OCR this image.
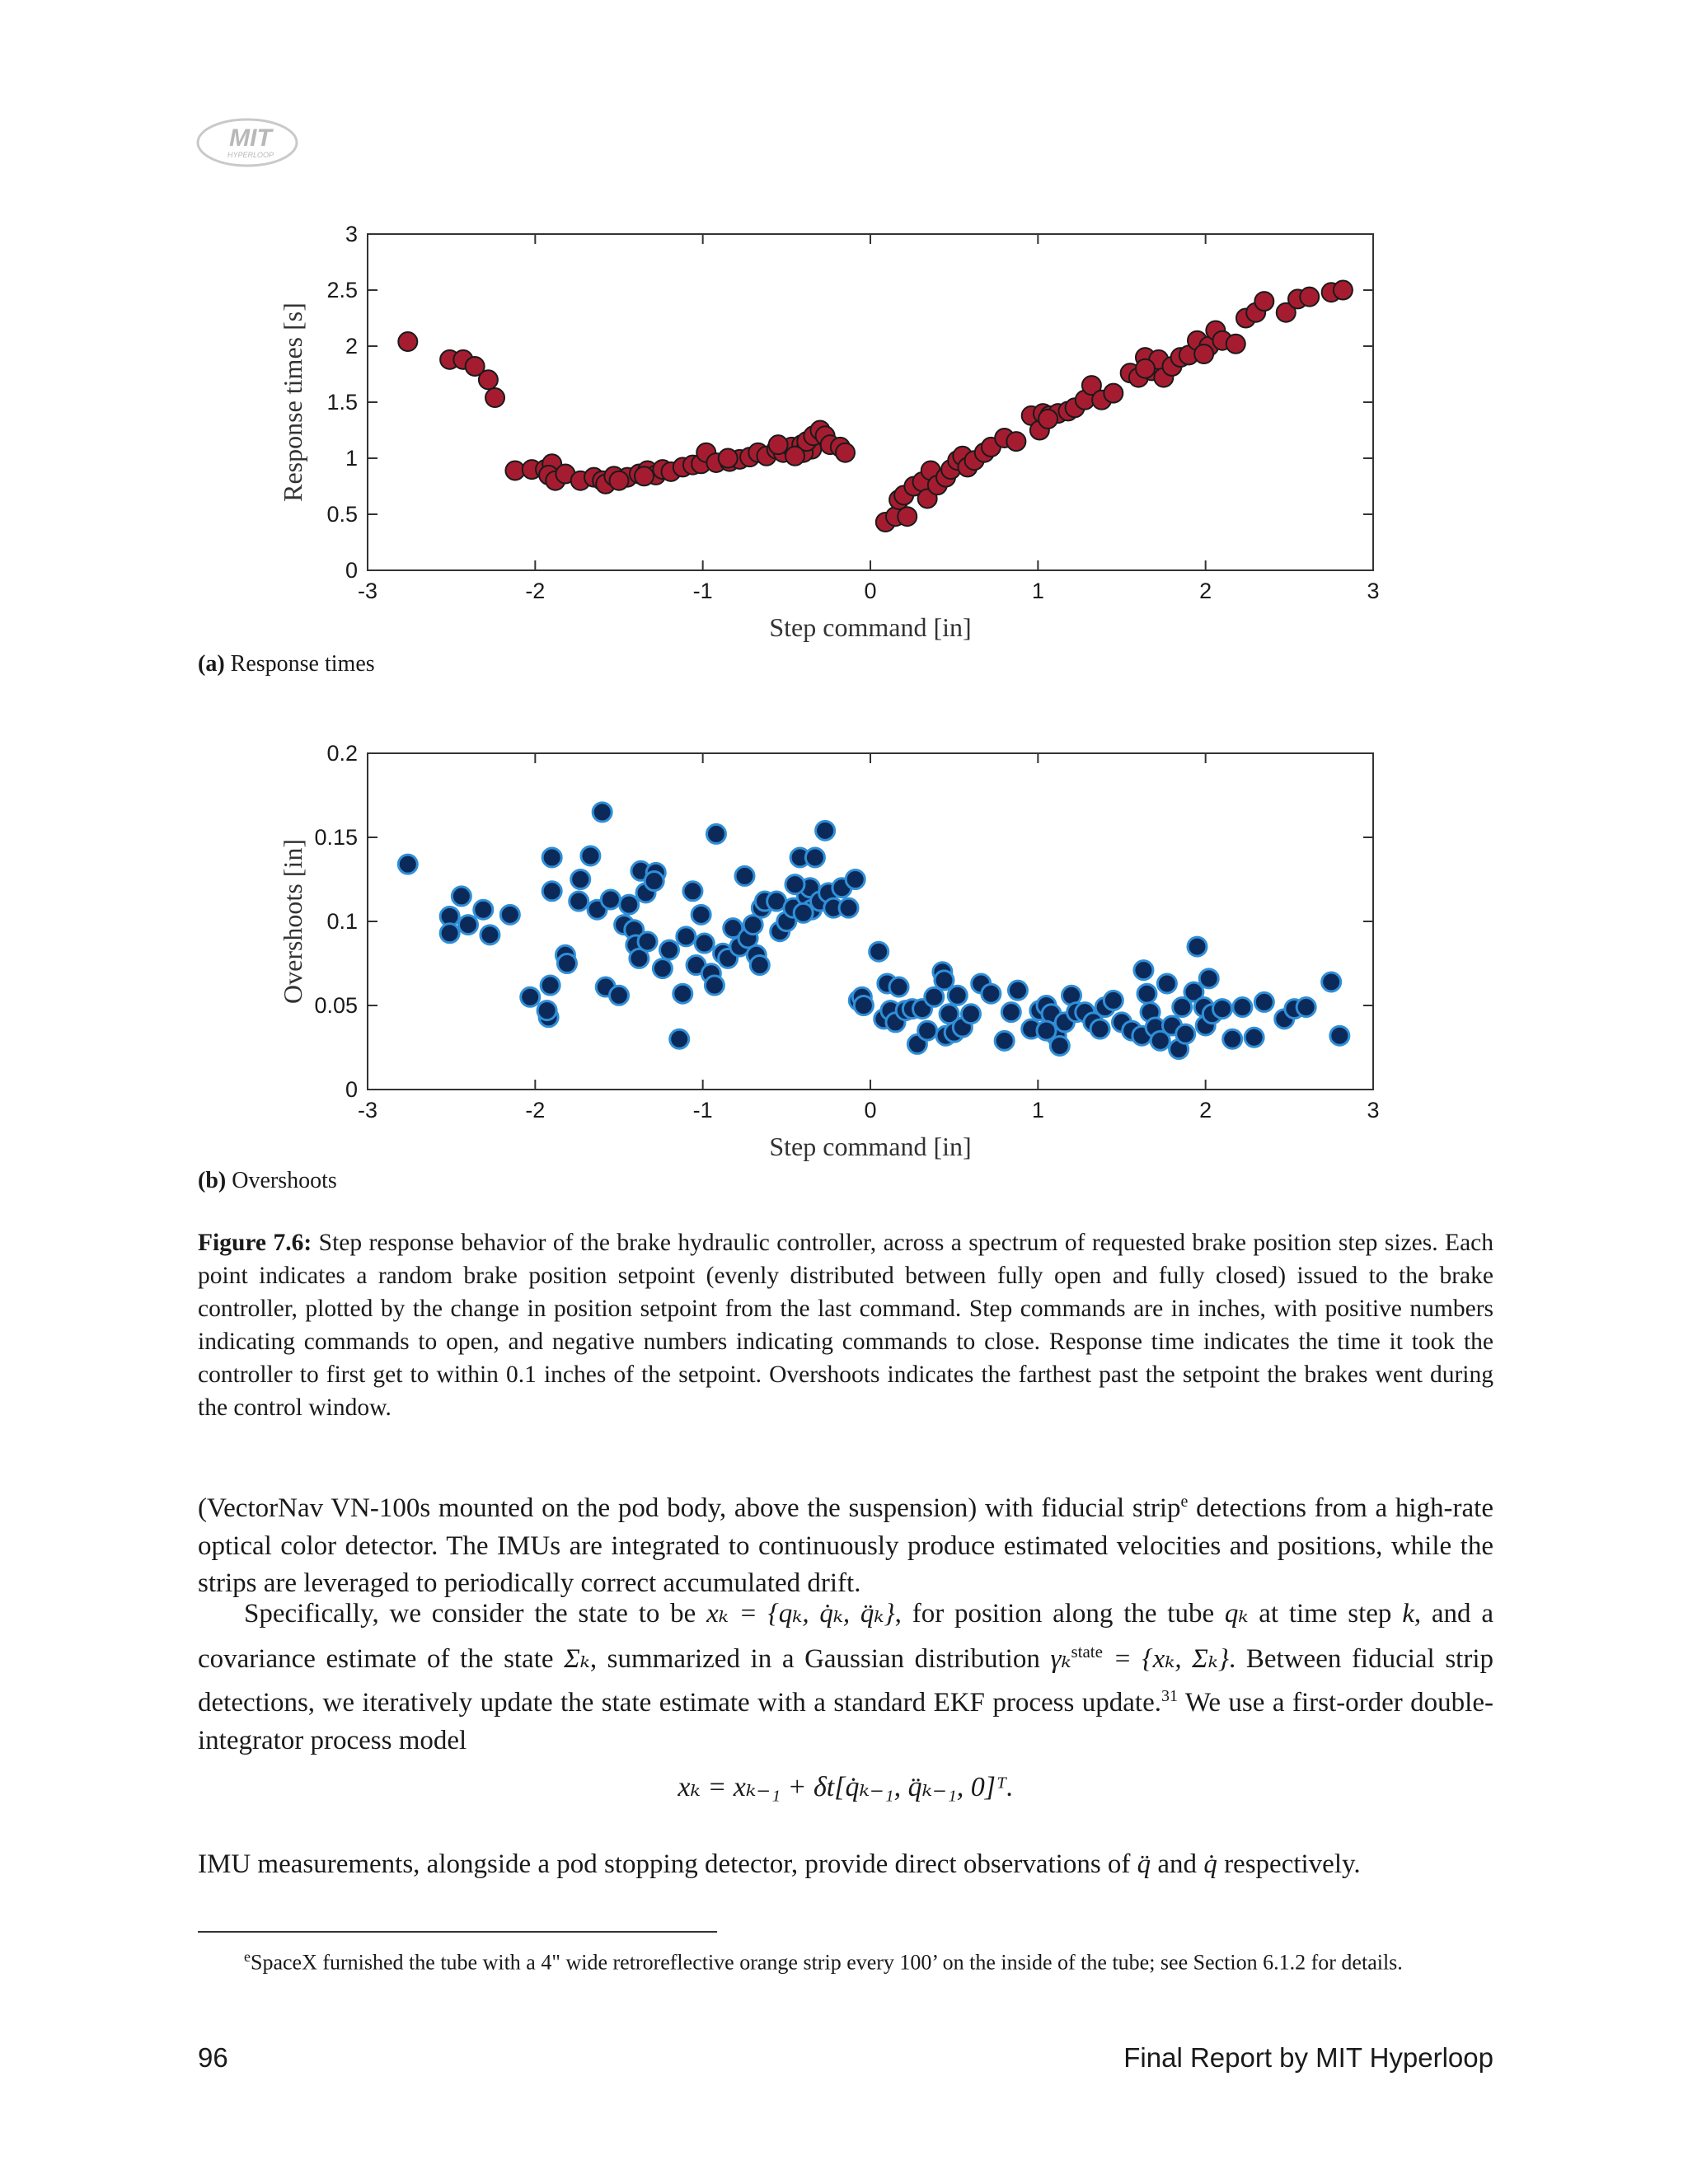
MIT
HYPERLOOP
-3	-2	-1	0	1	2	3
0
0.5
1
1.5
2
2.5
3
Step command [in]
Response times [s]
(a) Response times
-3	-2	-1	0	1	2	3
0
0.05
0.1
0.15
0.2
Step command [in]
Overshoots [in]
(b) Overshoots
Figure 7.6: Step response behavior of the brake hydraulic controller, across a spectrum of requested brake position step sizes. Each point indicates a random brake position setpoint (evenly distributed between fully open and fully closed) issued to the brake controller, plotted by the change in position setpoint from the last command. Step commands are in inches, with positive numbers indicating commands to open, and negative numbers indicating commands to close. Response time indicates the time it took the controller to first get to within 0.1 inches of the setpoint. Overshoots indicates the farthest past the setpoint the brakes went during the control window.
(VectorNav VN-100s mounted on the pod body, above the suspension) with fiducial strip$^e$ detections from a high-rate optical color detector. The IMUs are integrated to continuously produce estimated velocities and positions, while the strips are leveraged to periodically correct accumulated drift.
Specifically, we consider the state to be xₖ = {qₖ, q̇ₖ, q̈ₖ}, for position along the tube qₖ at time step k, and a covariance estimate of the state Σₖ, summarized in a Gaussian distribution γₖ$^{state}$ = {xₖ, Σₖ}. Between fiducial strip detections, we iteratively update the state estimate with a standard EKF process update.$^{31}$ We use a first-order double-integrator process model
xₖ = xₖ₋₁ + δt[q̇ₖ₋₁, q̈ₖ₋₁, 0]ᵀ.
IMU measurements, alongside a pod stopping detector, provide direct observations of q̈ and q̇ respectively.
$^e$SpaceX furnished the tube with a 4" wide retroreflective orange strip every 100’ on the inside of the tube; see Section 6.1.2 for details.
96	Final Report by MIT Hyperloop
